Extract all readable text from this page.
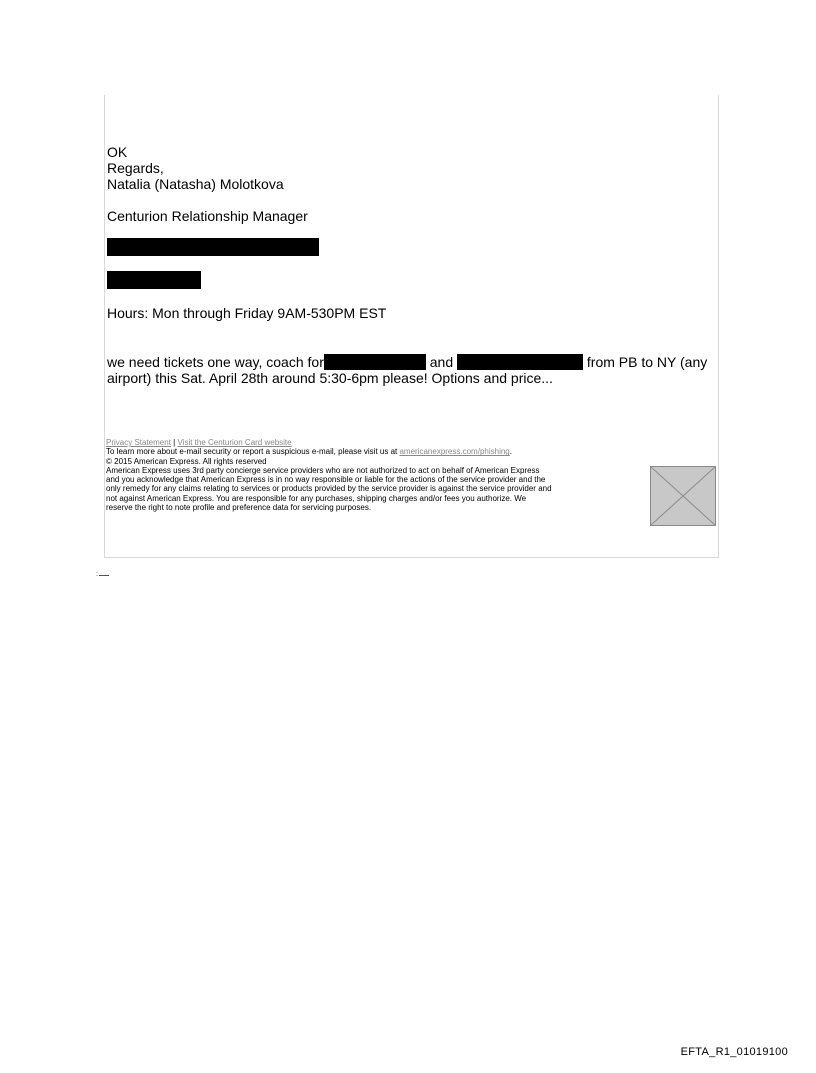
OK
Regards,
Natalia (Natasha) Molotkova
Centurion Relationship Manager
Hours: Mon through Friday 9AM-530PM EST
we need tickets one way, coach for	and	from PB to NY (any
airport) this Sat. April 28th around 5:30-6pm please! Options and price...

Privacy Statement | Visit the Centurion Card website

To learn more about e-mail security or report a suspicious e-mail, please visit us at americanexpress.com/phishing.

© 2015 American Express. All rights reserved

American Express uses 3rd party concierge service providers who are not authorized to act on behalf of American Express

and you acknowledge that American Express is in no way responsible or liable for the actions of the service provider and the

only remedy for any claims relating to services or products provided by the service provider is against the service provider and

not against American Express. You are responsible for any purchases, shipping charges and/or fees you authorize. We

reserve the right to note profile and preference data for servicing purposes.

:
EFTA_R1_01019100
